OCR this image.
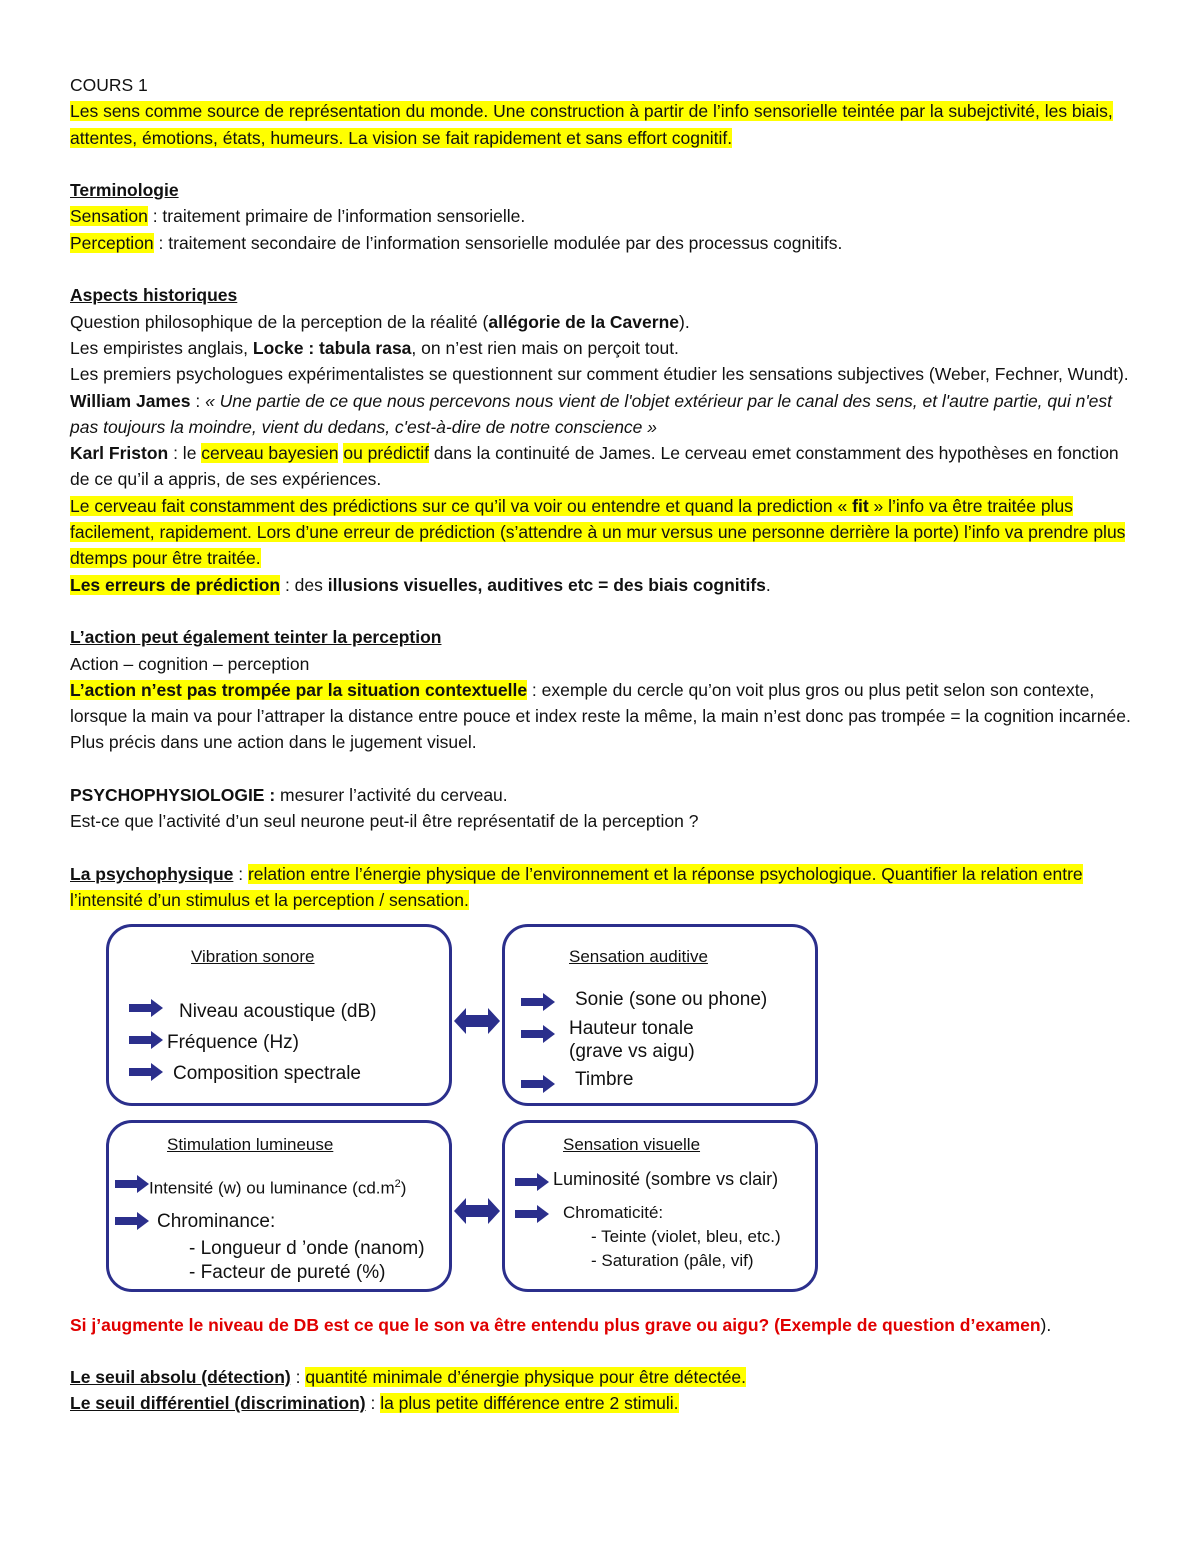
COURS 1
Les sens comme source de représentation du monde. Une construction à partir de l’info sensorielle teintée par la subejctivité, les biais, attentes, émotions, états, humeurs. La vision se fait rapidement et sans effort cognitif.
Terminologie
Sensation : traitement primaire de l’information sensorielle.
Perception : traitement secondaire de l’information sensorielle modulée par des processus cognitifs.
Aspects historiques
Question philosophique de la perception de la réalité (allégorie de la Caverne).
Les empiristes anglais, Locke : tabula rasa, on n’est rien mais on perçoit tout.
Les premiers psychologues expérimentalistes se questionnent sur comment étudier les sensations subjectives (Weber, Fechner, Wundt).
William James : « Une partie de ce que nous percevons nous vient de l'objet extérieur par le canal des sens, et l'autre partie, qui n'est pas toujours la moindre, vient du dedans, c'est-à-dire de notre conscience »
Karl Friston : le cerveau bayesien ou prédictif dans la continuité de James. Le cerveau emet constamment des hypothèses en fonction de ce qu’il a appris, de ses expériences.
Le cerveau fait constamment des prédictions sur ce qu’il va voir ou entendre et quand la prediction « fit » l’info va être traitée plus facilement, rapidement. Lors d’une erreur de prédiction (s’attendre à un mur versus une personne derrière la porte) l’info va prendre plus dtemps pour être traitée.
Les erreurs de prédiction : des illusions visuelles, auditives etc = des biais cognitifs.
L’action peut également teinter la perception
Action – cognition – perception
L’action n’est pas trompée par la situation contextuelle : exemple du cercle qu’on voit plus gros ou plus petit selon son contexte, lorsque la main va pour l’attraper la distance entre pouce et index reste la même, la main n’est donc pas trompée = la cognition incarnée. Plus précis dans une action dans le jugement visuel.
PSYCHOPHYSIOLOGIE : mesurer l’activité du cerveau.
Est-ce que l’activité d’un seul neurone peut-il être représentatif de la perception ?
La psychophysique : relation entre l’énergie physique de l’environnement et la réponse psychologique. Quantifier la relation entre l’intensité d’un stimulus et la perception / sensation.
Vibration sonore
Niveau acoustique (dB)
Fréquence (Hz)
Composition spectrale
Sensation auditive
Sonie (sone ou phone)
Hauteur tonale
(grave vs aigu)
Timbre
Stimulation lumineuse
Intensité (w) ou luminance $(cd.m^2)$
Chrominance:
- Longueur d ’onde (nanom)
- Facteur de pureté (%)
Sensation visuelle
Luminosité (sombre vs clair)
Chromaticité:
- Teinte (violet, bleu, etc.)
- Saturation (pâle, vif)
Si j’augmente le niveau de DB est ce que le son va être entendu plus grave ou aigu? (Exemple de question d’examen).
Le seuil absolu (détection) : quantité minimale d’énergie physique pour être détectée.
Le seuil différentiel (discrimination) : la plus petite différence entre 2 stimuli.
